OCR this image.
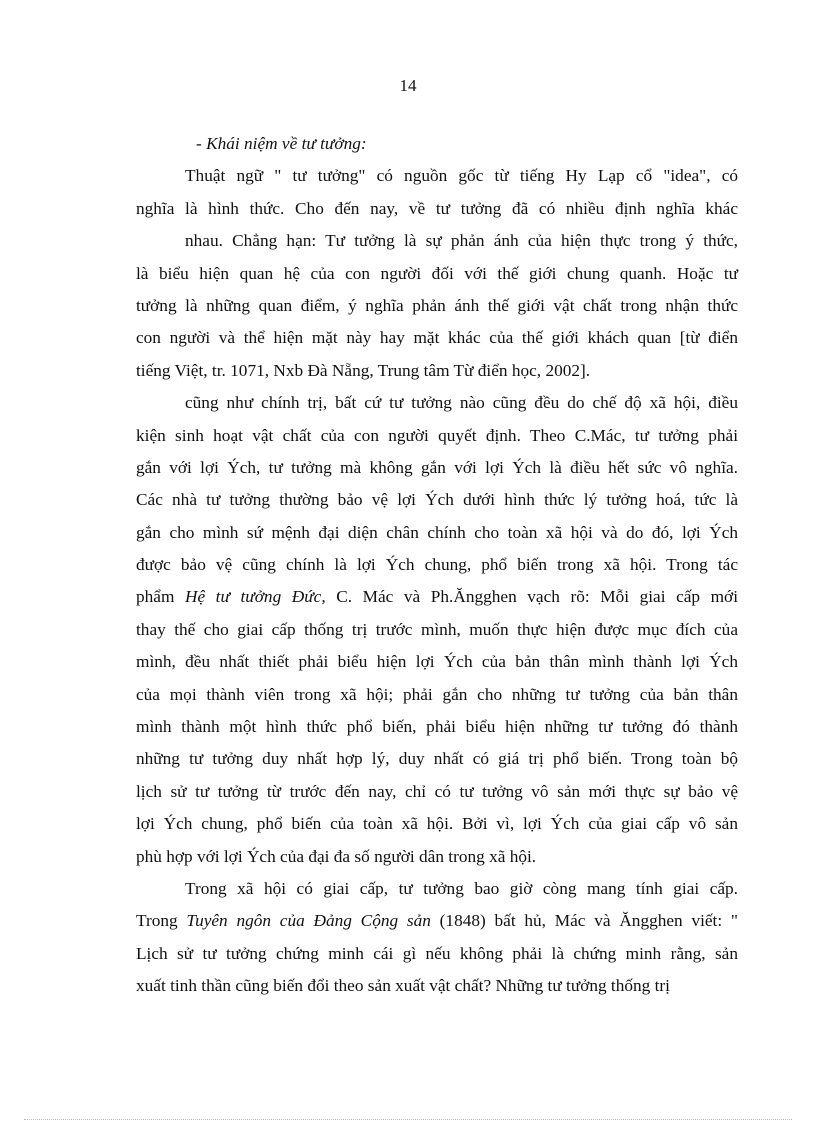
14
- Khái niệm về tư tưởng:
Thuật ngữ " tư tưởng" có nguồn gốc từ tiếng Hy Lạp cổ "idea", có
nghĩa là hình thức. Cho đến nay, về tư tưởng đã có nhiều định nghĩa khác
nhau. Chẳng hạn: Tư tưởng là sự phản ánh của hiện thực trong ý thức,
là biểu hiện quan hệ của con người đối với thế giới chung quanh. Hoặc tư
tưởng là những quan điểm, ý nghĩa phản ánh thế giới vật chất trong nhận thức
con người và thể hiện mặt này hay mặt khác của thế giới khách quan [từ điển
tiếng Việt, tr. 1071, Nxb Đà Nẵng, Trung tâm Từ điển học, 2002].
cũng như chính trị, bất cứ tư tưởng nào cũng đều do chế độ xã hội, điều
kiện sinh hoạt vật chất của con người quyết định. Theo C.Mác, tư tưởng phải
gắn với lợi Ých, tư tưởng mà không gắn với lợi Ých là điều hết sức vô nghĩa.
Các nhà tư tưởng thường bảo vệ lợi Ých dưới hình thức lý tưởng hoá, tức là
gắn cho mình sứ mệnh đại diện chân chính cho toàn xã hội và do đó, lợi Ých
được bảo vệ cũng chính là lợi Ých chung, phổ biến trong xã hội. Trong tác
phẩm Hệ tư tưởng Đức, C. Mác và Ph.Ăngghen vạch rõ: Mỗi giai cấp mới
thay thế cho giai cấp thống trị trước mình, muốn thực hiện được mục đích của
mình, đều nhất thiết phải biểu hiện lợi Ých của bản thân mình thành lợi Ých
của mọi thành viên trong xã hội; phải gắn cho những tư tưởng của bản thân
mình thành một hình thức phổ biến, phải biểu hiện những tư tưởng đó thành
những tư tưởng duy nhất hợp lý, duy nhất có giá trị phổ biến. Trong toàn bộ
lịch sử tư tưởng từ trước đến nay, chỉ có tư tưởng vô sản mới thực sự bảo vệ
lợi Ých chung, phổ biến của toàn xã hội. Bởi vì, lợi Ých của giai cấp vô sản
phù hợp với lợi Ých của đại đa số người dân trong xã hội.
Trong xã hội có giai cấp, tư tưởng bao giờ còng mang tính giai cấp.
Trong Tuyên ngôn của Đảng Cộng sản (1848) bất hủ, Mác và Ăngghen viết: "
Lịch sử tư tưởng chứng minh cái gì nếu không phải là chứng minh rằng, sản
xuất tinh thần cũng biến đổi theo sản xuất vật chất? Những tư tưởng thống trị
